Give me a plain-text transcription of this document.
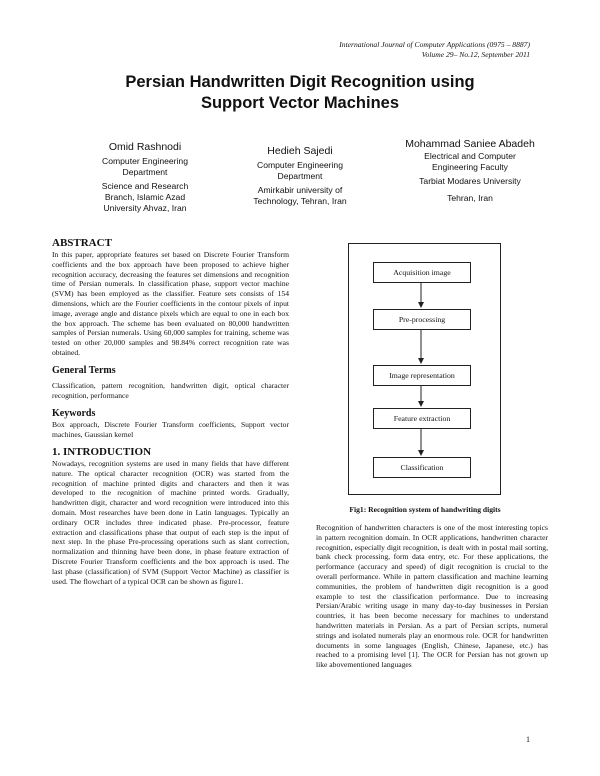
International Journal of Computer Applications (0975 – 8887)
Volume 29– No.12, September 2011
Persian Handwritten Digit Recognition using
Support Vector Machines
Omid Rashnodi
Computer Engineering
Department
Science and Research
Branch, Islamic Azad
University Ahvaz, Iran
Hedieh Sajedi
Computer Engineering
Department
Amirkabir university of
Technology, Tehran, Iran
Mohammad Saniee Abadeh
Electrical and Computer
Engineering Faculty
Tarbiat Modares University
Tehran, Iran
ABSTRACT

In this paper, appropriate features set based on Discrete Fourier Transform coefficients and the box approach have been proposed to achieve higher recognition accuracy, decreasing the features set dimensions and recognition time of Persian numerals. In classification phase, support vector machine (SVM) has been employed as the classifier. Feature sets consists of 154 dimensions, which are the Fourier coefficients in the contour pixels of input image, average angle and distance pixels which are equal to one in each box the box approach. The scheme has been evaluated on 80,000 handwritten samples of Persian numerals. Using 60,000 samples for training, scheme was tested on other 20,000 samples and 98.84% correct recognition rate was obtained.

General Terms

Classification, pattern recognition, handwritten digit, optical character recognition, performance

Keywords

Box approach, Discrete Fourier Transform coefficients, Support vector machines, Gaussian kernel

1. INTRODUCTION

Nowadays, recognition systems are used in many fields that have different nature. The optical character recognition (OCR) was started from the recognition of machine printed digits and characters and then it was developed to the recognition of machine printed words. Gradually, handwritten digit, character and word recognition were introduced into this domain. Most researches have been done in Latin languages. Typically an ordinary OCR includes three indicated phase. Pre-processor, feature extraction and classifications phase that output of each step is the input of next step. In the phase Pre-processing operations such as slant correction, normalization and thinning have been done, in phase feature extraction of Discrete Fourier Transform coefficients and the box approach is used. The last phase (classification) of SVM (Support Vector Machine) as classifier is used. The flowchart of a typical OCR can be shown as figure1.

Acquisition image
Pre-processing
Image representation
Feature extraction
Classification
Fig1: Recognition system of handwriting digits

Recognition of handwritten characters is one of the most interesting topics in pattern recognition domain. In OCR applications, handwritten character recognition, especially digit recognition, is dealt with in postal mail sorting, bank check processing, form data entry, etc. For these applications, the performance (accuracy and speed) of digit recognition is crucial to the overall performance. While in pattern classification and machine learning communities, the problem of handwritten digit recognition is a good example to test the classification performance. Due to increasing Persian/Arabic writing usage in many day-to-day businesses in Persian countries, it has been become necessary for machines to understand handwritten materials in Persian. As a part of Persian scripts, numeral strings and isolated numerals play an enormous role. OCR for handwritten documents in some languages (English, Chinese, Japanese, etc.) has reached to a promising level [1]. The OCR for Persian has not grown up like abovementioned languages

1
